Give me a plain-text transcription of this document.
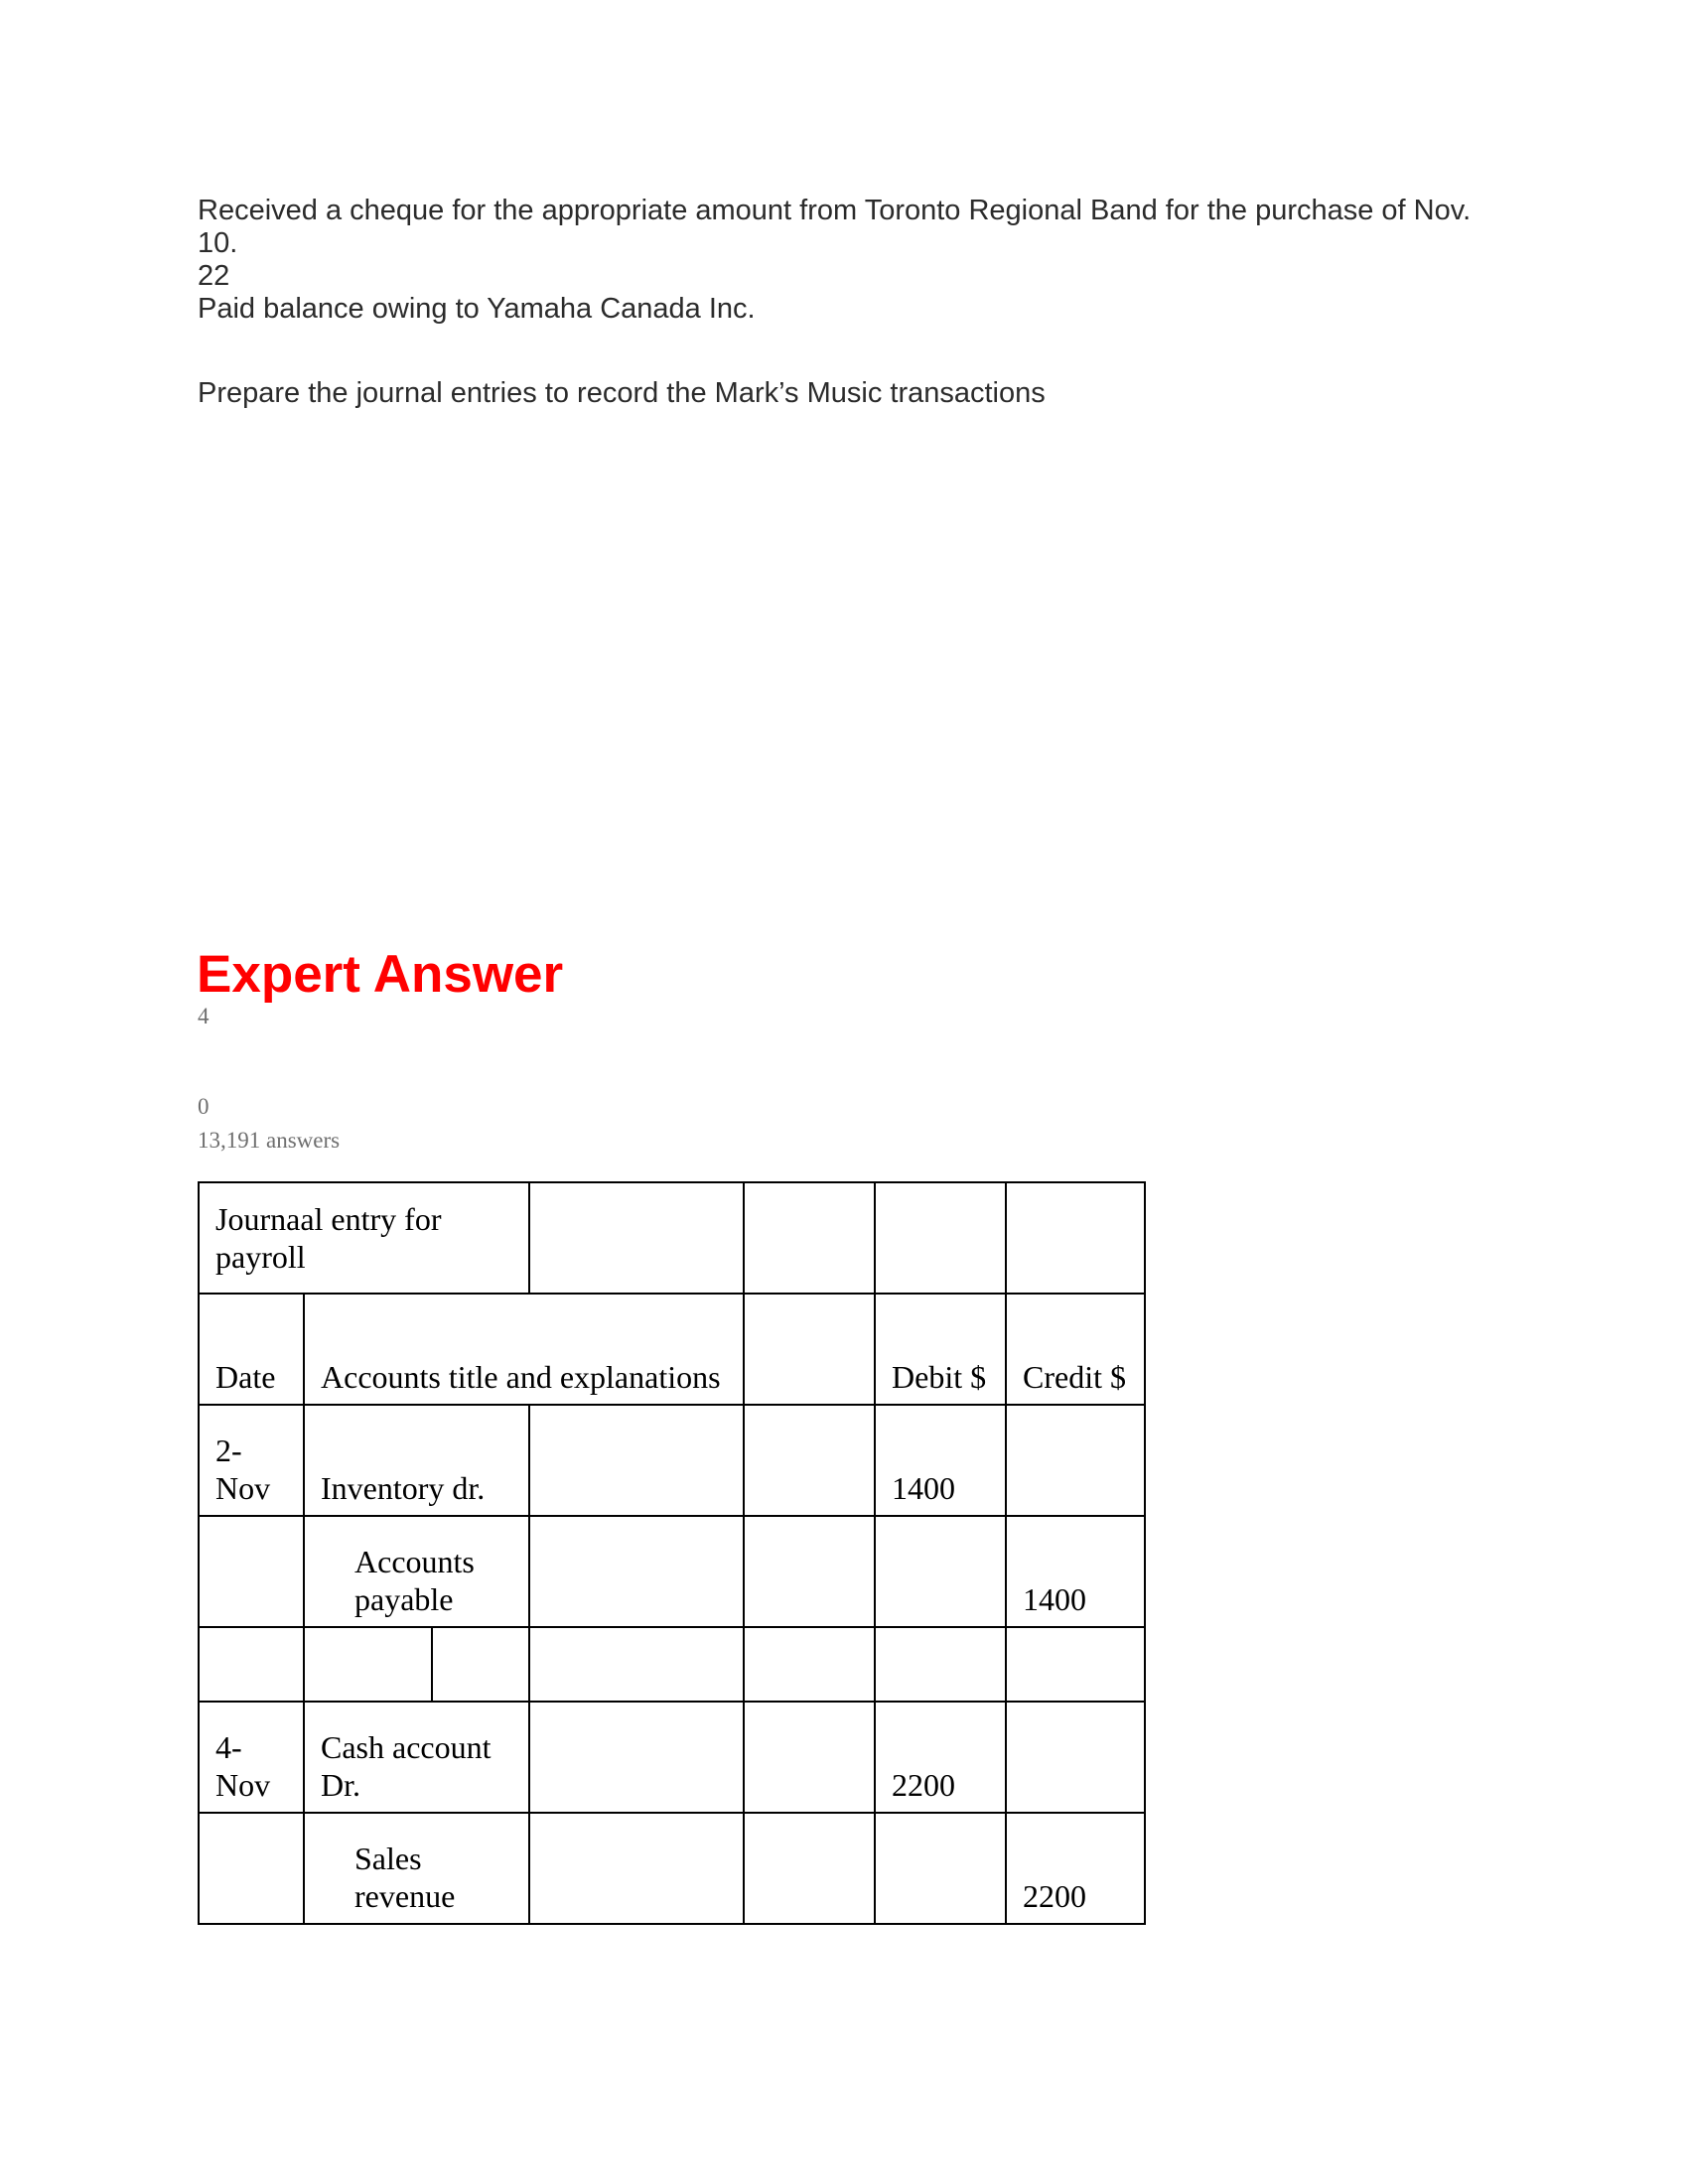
Received a cheque for the appropriate amount from Toronto Regional Band for the purchase of Nov.

10.

22

Paid balance owing to Yamaha Canada Inc.

Prepare the journal entries to record the Mark’s Music transactions

Expert Answer
4
0
13,191 answers
Journaal entry for payroll						
Date	Accounts title and explanations				Debit $	Credit $
2-Nov	Inventory dr.				1400	
	Accounts payable					1400

4-Nov	Cash account Dr.				2200	
	Sales revenue					2200
